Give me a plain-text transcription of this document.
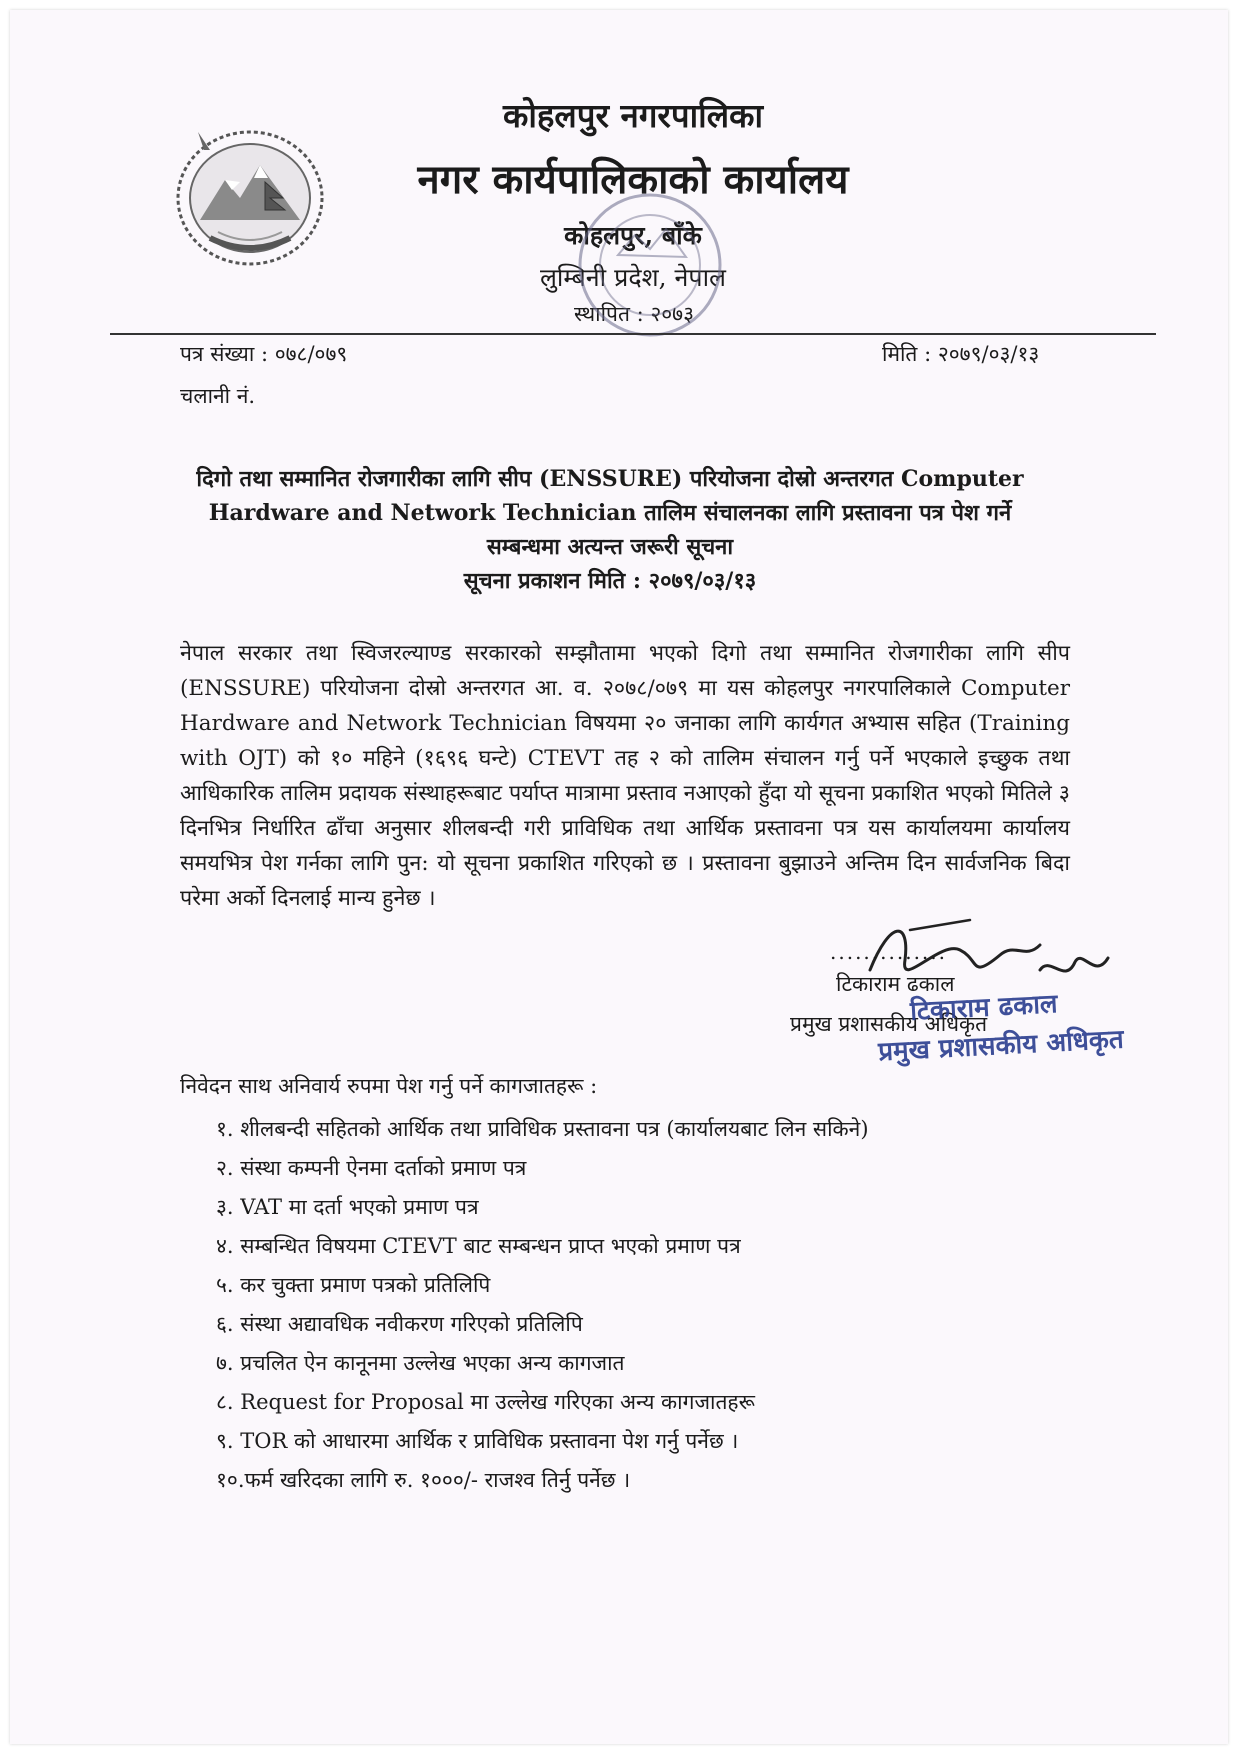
कोहलपुर नगरपालिका
नगर कार्यपालिकाको कार्यालय
कोहलपुर, बाँके
लुम्बिनी प्रदेश, नेपाल
स्थापित : २०७३
पत्र संख्या : ०७८/०७९	मिति : २०७९/०३/१३
चलानी नं.
दिगो तथा सम्मानित रोजगारीका लागि सीप (ENSSURE) परियोजना दोस्रो अन्तरगत Computer
Hardware and Network Technician तालिम संचालनका लागि प्रस्तावना पत्र पेश गर्ने
सम्बन्धमा अत्यन्त जरूरी सूचना
सूचना प्रकाशन मिति : २०७९/०३/१३
नेपाल सरकार तथा स्विजरल्याण्ड सरकारको सम्झौतामा भएको दिगो तथा सम्मानित रोजगारीका लागि सीप (ENSSURE) परियोजना दोस्रो अन्तरगत आ. व. २०७८/०७९ मा यस कोहलपुर नगरपालिकाले Computer Hardware and Network Technician विषयमा २० जनाका लागि कार्यगत अभ्यास सहित (Training with OJT) को १० महिने (१६९६ घन्टे) CTEVT तह २ को तालिम संचालन गर्नु पर्ने भएकाले इच्छुक तथा आधिकारिक तालिम प्रदायक संस्थाहरूबाट पर्याप्त मात्रामा प्रस्ताव नआएको हुँदा यो सूचना प्रकाशित भएको मितिले ३ दिनभित्र निर्धारित ढाँचा अनुसार शीलबन्दी गरी प्राविधिक तथा आर्थिक प्रस्तावना पत्र यस कार्यालयमा कार्यालय समयभित्र पेश गर्नका लागि पुन: यो सूचना प्रकाशित गरिएको छ । प्रस्तावना बुझाउने अन्तिम दिन सार्वजनिक बिदा परेमा अर्को दिनलाई मान्य हुनेछ ।
..............
टिकाराम ढकाल
प्रमुख प्रशासकीय अधिकृत
टिकाराम ढकाल
प्रमुख प्रशासकीय अधिकृत
निवेदन साथ अनिवार्य रुपमा पेश गर्नु पर्ने कागजातहरू :
१. शीलबन्दी सहितको आर्थिक तथा प्राविधिक प्रस्तावना पत्र (कार्यालयबाट लिन सकिने)
२. संस्था कम्पनी ऐनमा दर्ताको प्रमाण पत्र
३. VAT मा दर्ता भएको प्रमाण पत्र
४. सम्बन्धित विषयमा CTEVT बाट सम्बन्धन प्राप्त भएको प्रमाण पत्र
५. कर चुक्ता प्रमाण पत्रको प्रतिलिपि
६. संस्था अद्यावधिक नवीकरण गरिएको प्रतिलिपि
७. प्रचलित ऐन कानूनमा उल्लेख भएका अन्य कागजात
८. Request for Proposal मा उल्लेख गरिएका अन्य कागजातहरू
९. TOR को आधारमा आर्थिक र प्राविधिक प्रस्तावना पेश गर्नु पर्नेछ ।
१०.फर्म खरिदका लागि रु. १०००/- राजश्व तिर्नु पर्नेछ ।
